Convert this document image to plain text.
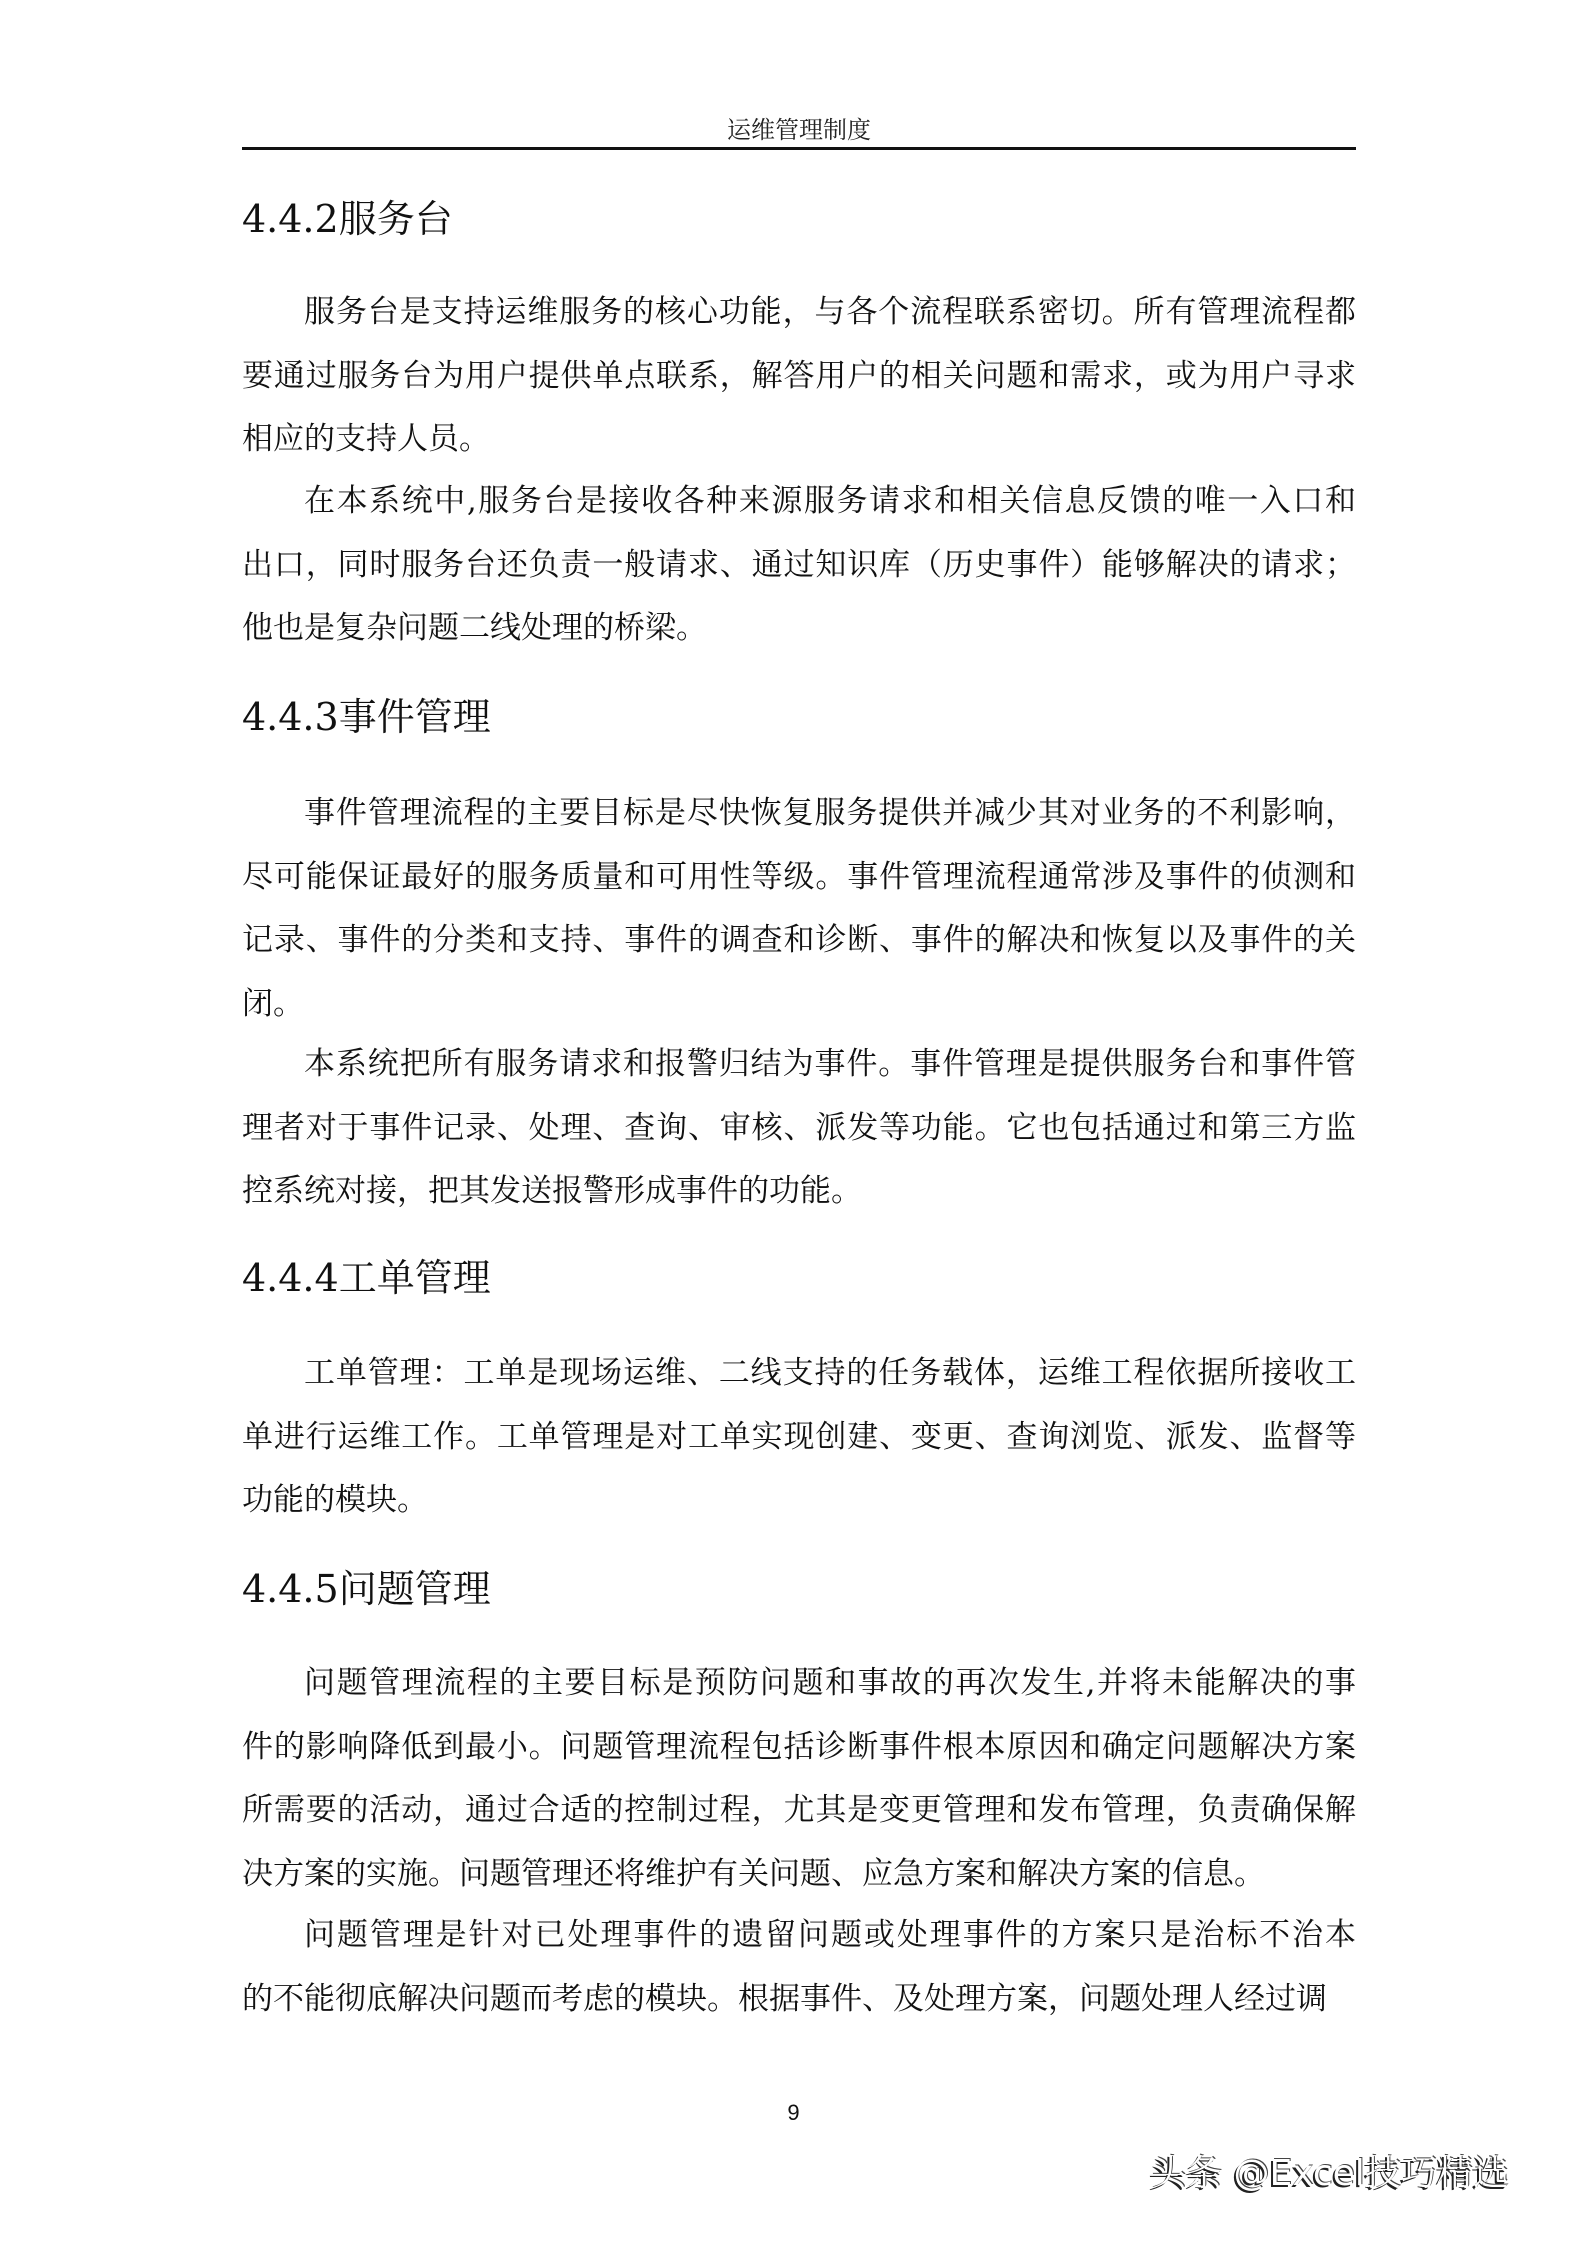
运维管理制度
4.4.2服务台
服务台是支持运维服务的核心功能，与各个流程联系密切。所有管理流程都
要通过服务台为用户提供单点联系，解答用户的相关问题和需求，或为用户寻求
相应的支持人员。
在本系统中,服务台是接收各种来源服务请求和相关信息反馈的唯一入口和
出口，同时服务台还负责一般请求、通过知识库（历史事件）能够解决的请求；
他也是复杂问题二线处理的桥梁。
4.4.3事件管理
事件管理流程的主要目标是尽快恢复服务提供并减少其对业务的不利影响，
尽可能保证最好的服务质量和可用性等级。事件管理流程通常涉及事件的侦测和
记录、事件的分类和支持、事件的调查和诊断、事件的解决和恢复以及事件的关
闭。
本系统把所有服务请求和报警归结为事件。事件管理是提供服务台和事件管
理者对于事件记录、处理、查询、审核、派发等功能。它也包括通过和第三方监
控系统对接，把其发送报警形成事件的功能。
4.4.4工单管理
工单管理：工单是现场运维、二线支持的任务载体，运维工程依据所接收工
单进行运维工作。工单管理是对工单实现创建、变更、查询浏览、派发、监督等
功能的模块。
4.4.5问题管理
问题管理流程的主要目标是预防问题和事故的再次发生,并将未能解决的事
件的影响降低到最小。问题管理流程包括诊断事件根本原因和确定问题解决方案
所需要的活动，通过合适的控制过程，尤其是变更管理和发布管理，负责确保解
决方案的实施。问题管理还将维护有关问题、应急方案和解决方案的信息。
问题管理是针对已处理事件的遗留问题或处理事件的方案只是治标不治本
的不能彻底解决问题而考虑的模块。根据事件、及处理方案，问题处理人经过调
9
头条 @Excel技巧精选
